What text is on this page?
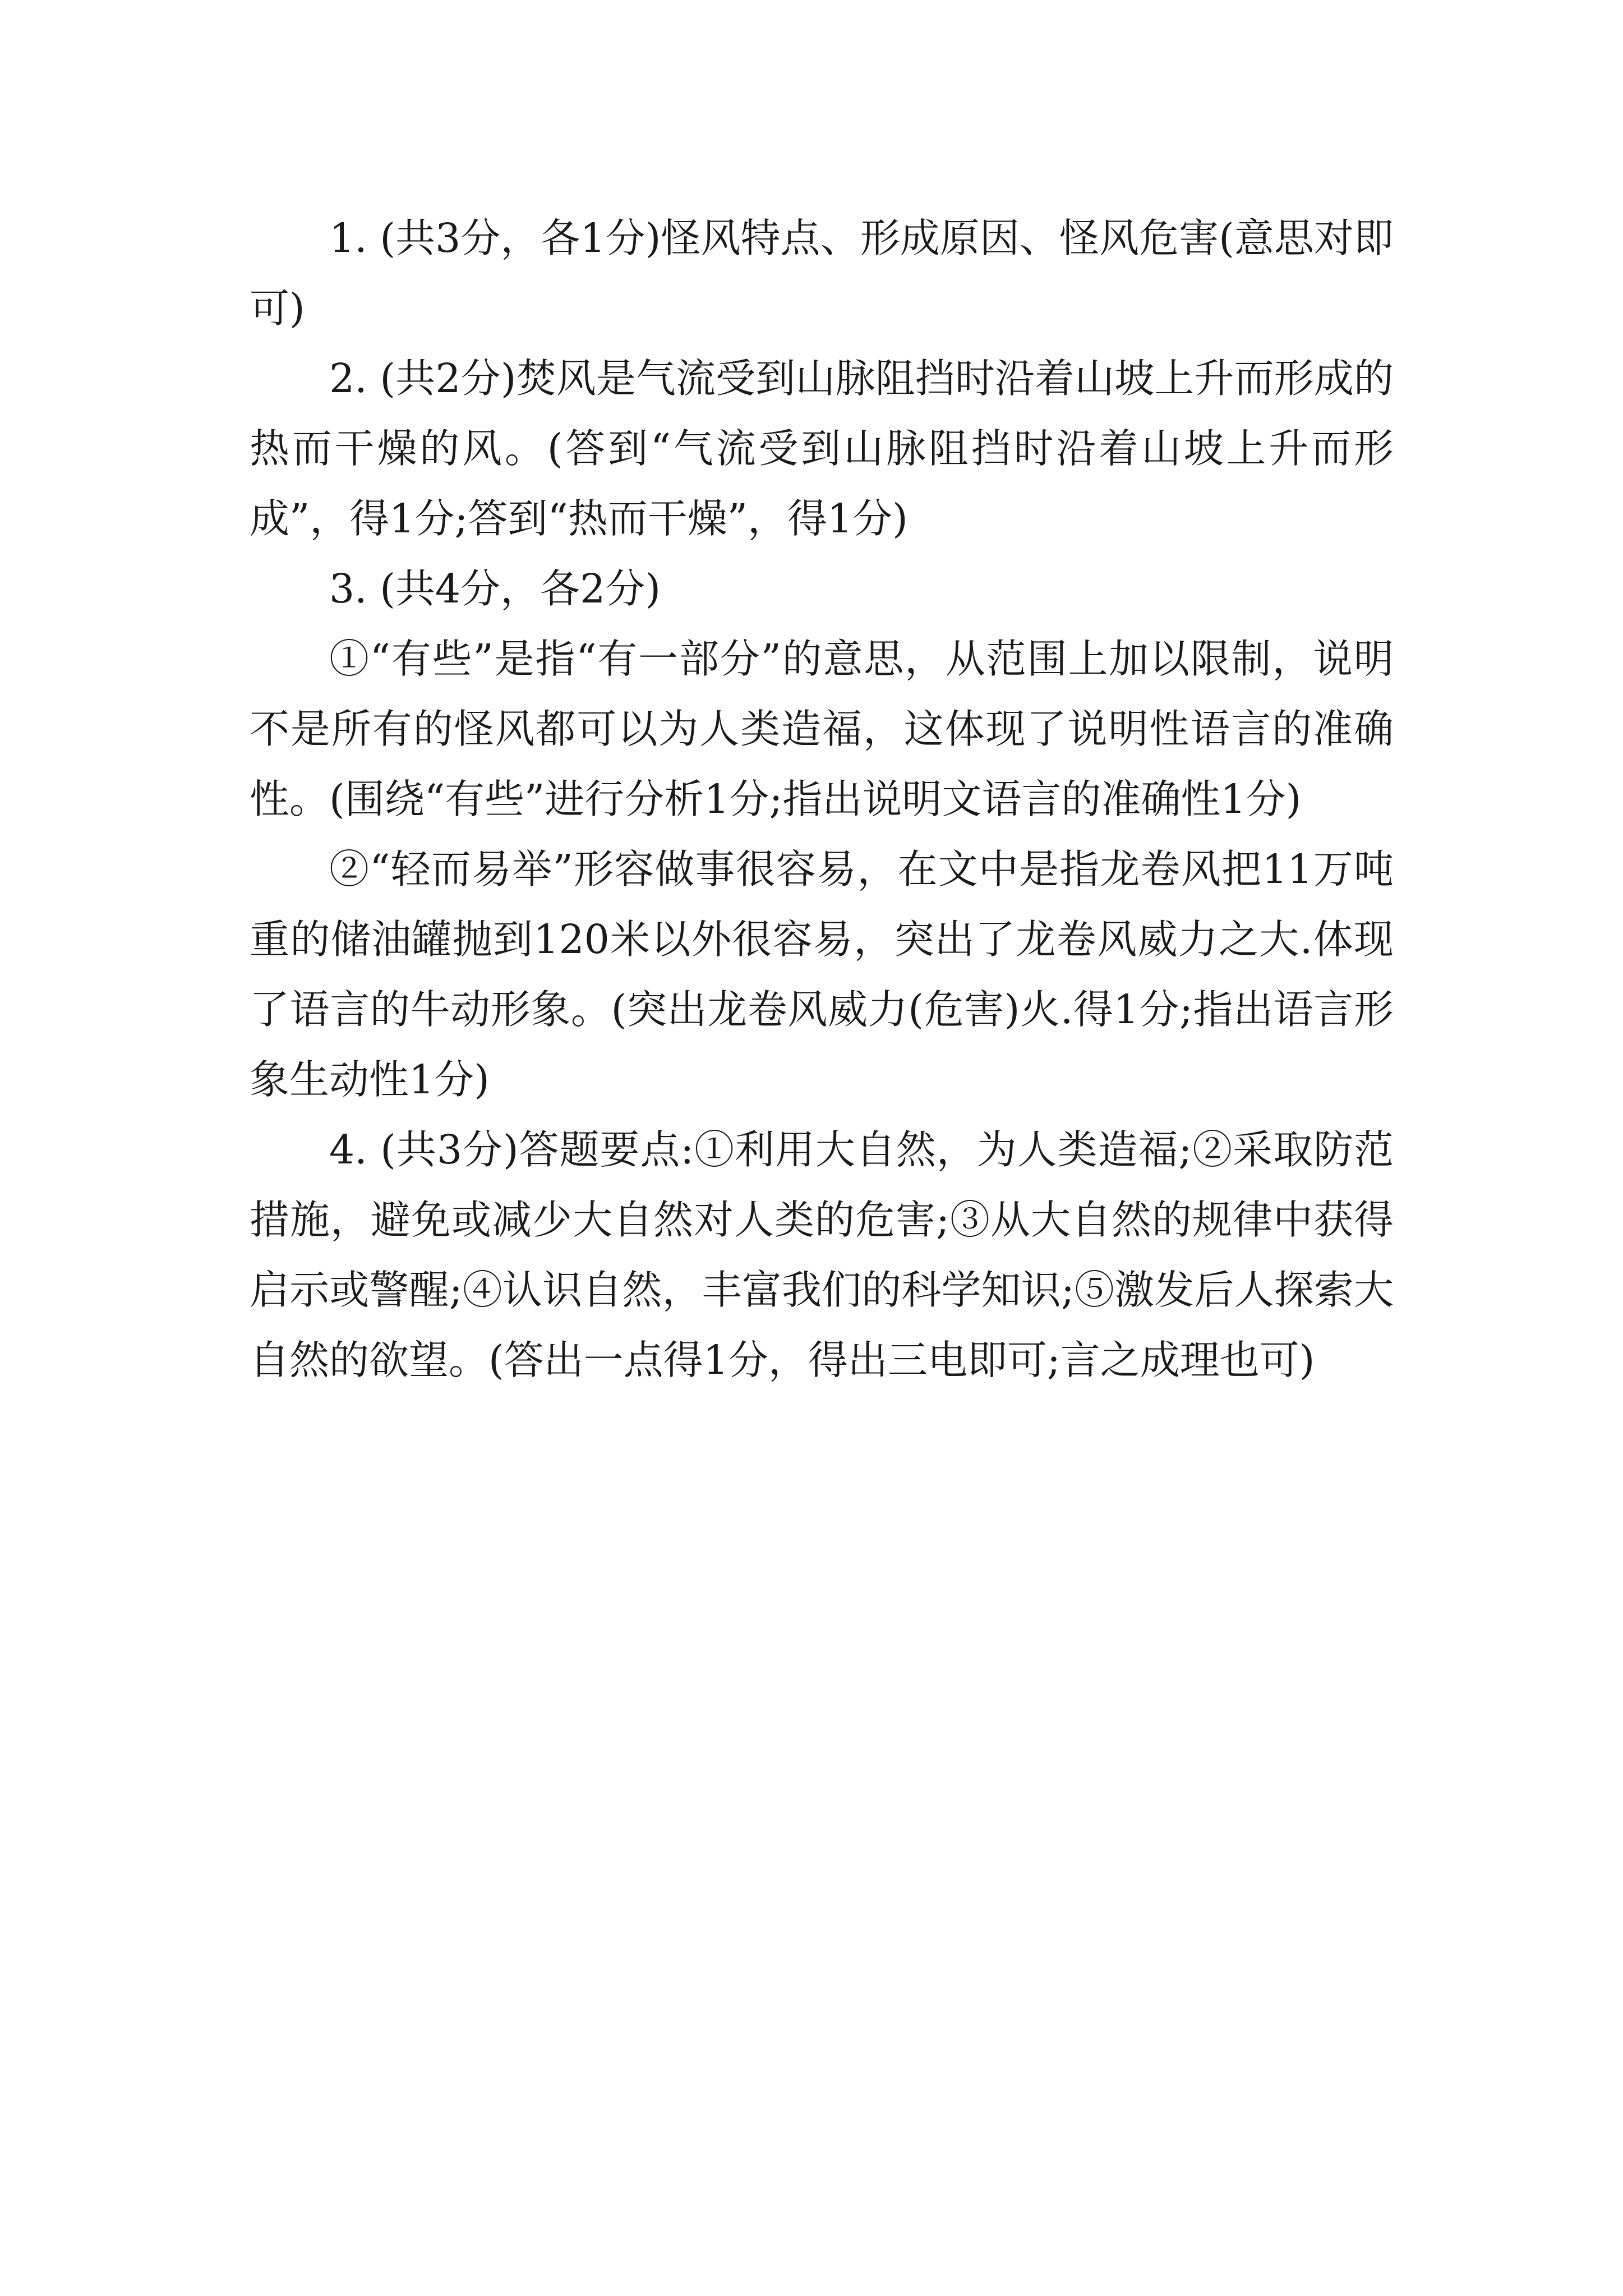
1. (共3分，各1分)怪风特点、形成原因、怪风危害(意思对即可)

2. (共2分)焚风是气流受到山脉阻挡时沿着山坡上升而形成的热而干燥的风。(答到“气流受到山脉阻挡时沿着山坡上升而形成”，得1分;答到“热而干燥”，得1分)

3. (共4分，各2分)

①“有些”是指“有一部分”的意思，从范围上加以限制，说明不是所有的怪风都可以为人类造福，这体现了说明性语言的准确性。(围绕“有些”进行分析1分;指出说明文语言的准确性1分)

②“轻而易举”形容做事很容易，在文中是指龙卷风把11万吨重的储油罐抛到120米以外很容易，突出了龙卷风威力之大.体现了语言的牛动形象。(突出龙卷风威力(危害)火.得1分;指出语言形象生动性1分)

4. (共3分)答题要点:①利用大自然，为人类造福;②采取防范措施，避免或减少大自然对人类的危害;③从大自然的规律中获得启示或警醒;④认识自然，丰富我们的科学知识;⑤激发后人探索大自然的欲望。(答出一点得1分，得出三电即可;言之成理也可)
